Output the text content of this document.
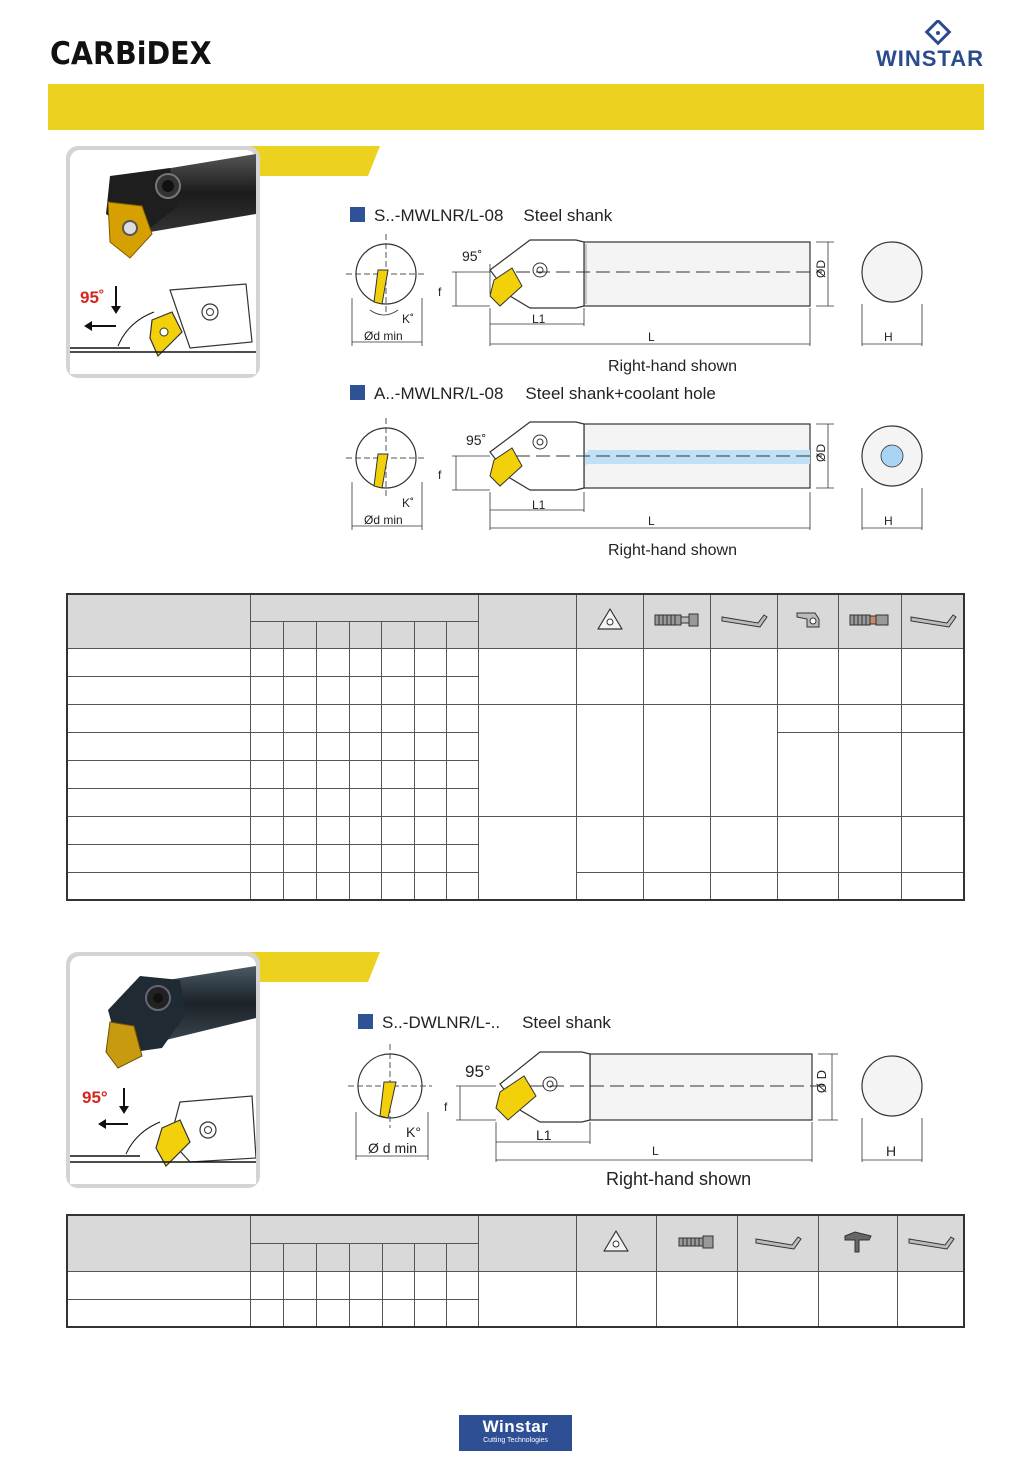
CARBiDEX	WINSTAR
95˚
S..-MWLNR/L-08 Steel shank
95˚
f
K˚
Ød min
L1
L
ØD
H
Right-hand shown
A..-MWLNR/L-08 Steel shank+coolant hole
95˚
f
K˚
Ød min
L1
L
ØD
H
Right-hand shown

95°
S..-DWLNR/L-.. Steel shank
95°
f
K°
Ø d min
L1
L
Ø D
H
Right-hand shown

Winstar
Cutting Technologies
